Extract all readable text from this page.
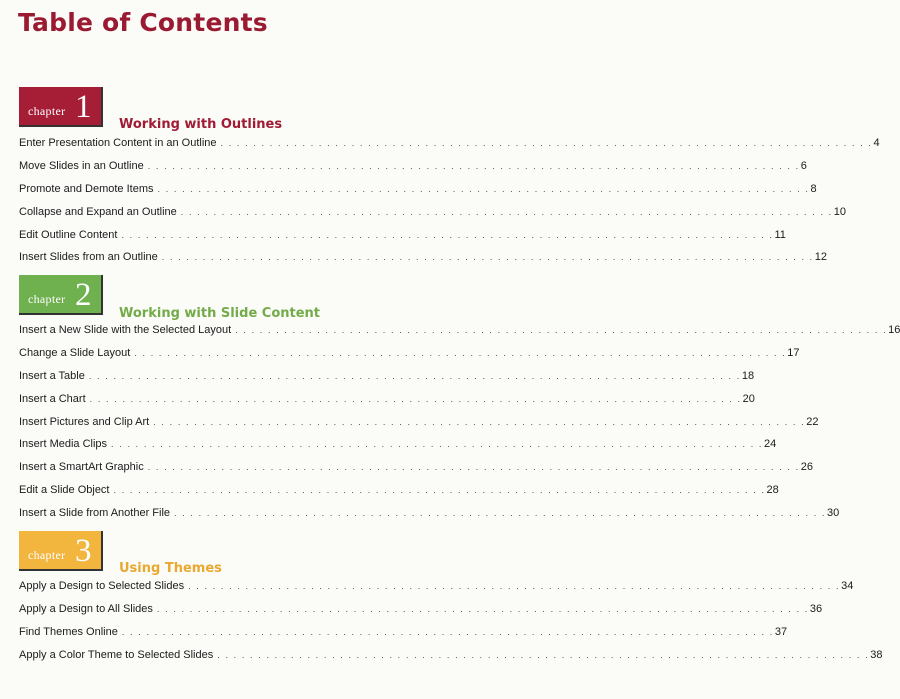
Table of Contents
chapter 1 Working with Outlines
Enter Presentation Content in an Outline . . . . . . . . . . . . . . . . . . . . . . . . . . . . . . . . . . . . . . . . . . . . . . . . . . . . . . . . . . . . . . . . . . . . . . . . . . . . . . . . 4
Move Slides in an Outline . . . . . . . . . . . . . . . . . . . . . . . . . . . . . . . . . . . . . . . . . . . . . . . . . . . . . . . . . . . . . . . . . . . . . . . . . . . . . . . . 6
Promote and Demote Items . . . . . . . . . . . . . . . . . . . . . . . . . . . . . . . . . . . . . . . . . . . . . . . . . . . . . . . . . . . . . . . . . . . . . . . . . . . . . . . . 8
Collapse and Expand an Outline . . . . . . . . . . . . . . . . . . . . . . . . . . . . . . . . . . . . . . . . . . . . . . . . . . . . . . . . . . . . . . . . . . . . . . . . . . . . . . . . 10
Edit Outline Content . . . . . . . . . . . . . . . . . . . . . . . . . . . . . . . . . . . . . . . . . . . . . . . . . . . . . . . . . . . . . . . . . . . . . . . . . . . . . . . . 11
Insert Slides from an Outline . . . . . . . . . . . . . . . . . . . . . . . . . . . . . . . . . . . . . . . . . . . . . . . . . . . . . . . . . . . . . . . . . . . . . . . . . . . . . . . . 12
chapter 2
Working with Slide Content
Insert a New Slide with the Selected Layout . . . . . . . . . . . . . . . . . . . . . . . . . . . . . . . . . . . . . . . . . . . . . . . . . . . . . . . . . . . . . . . . . . . . . . . . . . . . . . . . 16
Change a Slide Layout . . . . . . . . . . . . . . . . . . . . . . . . . . . . . . . . . . . . . . . . . . . . . . . . . . . . . . . . . . . . . . . . . . . . . . . . . . . . . . . . 17
Insert a Table . . . . . . . . . . . . . . . . . . . . . . . . . . . . . . . . . . . . . . . . . . . . . . . . . . . . . . . . . . . . . . . . . . . . . . . . . . . . . . . . 18
Insert a Chart . . . . . . . . . . . . . . . . . . . . . . . . . . . . . . . . . . . . . . . . . . . . . . . . . . . . . . . . . . . . . . . . . . . . . . . . . . . . . . . . 20
Insert Pictures and Clip Art . . . . . . . . . . . . . . . . . . . . . . . . . . . . . . . . . . . . . . . . . . . . . . . . . . . . . . . . . . . . . . . . . . . . . . . . . . . . . . . . 22
Insert Media Clips . . . . . . . . . . . . . . . . . . . . . . . . . . . . . . . . . . . . . . . . . . . . . . . . . . . . . . . . . . . . . . . . . . . . . . . . . . . . . . . . 24
Insert a SmartArt Graphic . . . . . . . . . . . . . . . . . . . . . . . . . . . . . . . . . . . . . . . . . . . . . . . . . . . . . . . . . . . . . . . . . . . . . . . . . . . . . . . . 26
Edit a Slide Object . . . . . . . . . . . . . . . . . . . . . . . . . . . . . . . . . . . . . . . . . . . . . . . . . . . . . . . . . . . . . . . . . . . . . . . . . . . . . . . . 28
Insert a Slide from Another File . . . . . . . . . . . . . . . . . . . . . . . . . . . . . . . . . . . . . . . . . . . . . . . . . . . . . . . . . . . . . . . . . . . . . . . . . . . . . . . . 30
chapter 3 Using Themes
Apply a Design to Selected Slides . . . . . . . . . . . . . . . . . . . . . . . . . . . . . . . . . . . . . . . . . . . . . . . . . . . . . . . . . . . . . . . . . . . . . . . . . . . . . . . . 34
Apply a Design to All Slides . . . . . . . . . . . . . . . . . . . . . . . . . . . . . . . . . . . . . . . . . . . . . . . . . . . . . . . . . . . . . . . . . . . . . . . . . . . . . . . . 36
Find Themes Online . . . . . . . . . . . . . . . . . . . . . . . . . . . . . . . . . . . . . . . . . . . . . . . . . . . . . . . . . . . . . . . . . . . . . . . . . . . . . . . . 37
Apply a Color Theme to Selected Slides . . . . . . . . . . . . . . . . . . . . . . . . . . . . . . . . . . . . . . . . . . . . . . . . . . . . . . . . . . . . . . . . . . . . . . . . . . . . . . . . 38
